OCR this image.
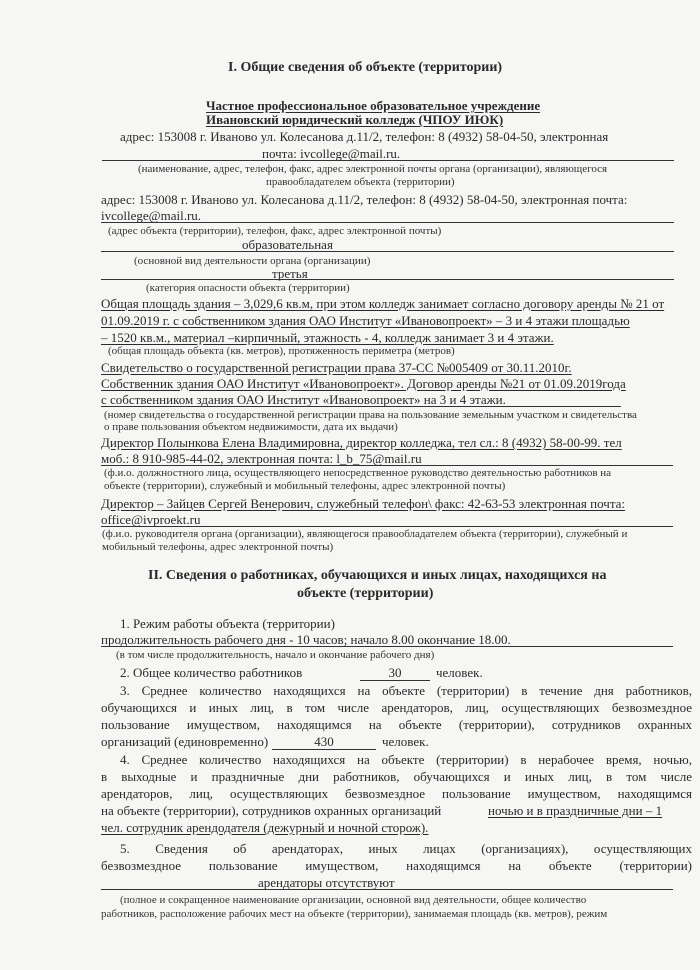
I. Общие сведения об объекте (территории)
Частное профессиональное образовательное учреждение
Ивановский юридический колледж (ЧПОУ ИЮК)
адрес: 153008 г. Иваново ул. Колесанова д.11/2, телефон: 8 (4932) 58-04-50, электронная
почта: ivcollege@mail.ru.
(наименование, адрес, телефон, факс, адрес электронной почты органа (организации), являющегося
правообладателем объекта (территории)
адрес: 153008 г. Иваново ул. Колесанова д.11/2, телефон: 8 (4932) 58-04-50, электронная почта:
ivcollege@mail.ru.
(адрес объекта (территории), телефон, факс, адрес электронной почты)
образовательная
(основной вид деятельности органа (организации)
третья
(категория опасности объекта (территории)
Общая площадь здания – 3,029,6 кв.м, при этом колледж занимает согласно договору аренды № 21 от
01.09.2019 г. с собственником здания ОАО Институт «Ивановопроект» – 3 и 4 этажи площадью
– 1520 кв.м., материал –кирпичный, этажность - 4, колледж занимает 3 и 4 этажи.
(общая площадь объекта (кв. метров), протяженность периметра (метров)
Свидетельство о государственной регистрации права 37-СС №005409 от 30.11.2010г.
Собственник здания ОАО Институт «Ивановопроект». Договор аренды №21 от 01.09.2019года
с собственником здания ОАО Институт «Ивановопроект» на 3 и 4 этажи.
(номер свидетельства о государственной регистрации права на пользование земельным участком и свидетельства
о праве пользования объектом недвижимости, дата их выдачи)
Директор Полынкова Елена Владимировна, директор колледжа, тел сл.: 8 (4932) 58-00-99. тел
моб.: 8 910-985-44-02, электронная почта: l_b_75@mail.ru
(ф.и.о. должностного лица, осуществляющего непосредственное руководство деятельностью работников на
объекте (территории), служебный и мобильный телефоны, адрес электронной почты)
Директор – Зайцев Сергей Венерович, служебный телефон\ факс: 42-63-53 электронная почта:
office@ivproekt.ru
(ф.и.о. руководителя органа (организации), являющегося правообладателем объекта (территории), служебный и
мобильный телефоны, адрес электронной почты)
II. Сведения о работниках, обучающихся и иных лицах, находящихся на
объекте (территории)
1. Режим работы объекта (территории)
продолжительность рабочего дня - 10 часов; начало 8.00 окончание 18.00.
(в том числе продолжительность, начало и окончание рабочего дня)
2. Общее количество работников	30	человек.
3. Среднее количество находящихся на объекте (территории) в течение дня работников,
обучающихся и иных лиц, в том числе арендаторов, лиц, осуществляющих безвозмездное
пользование имуществом, находящимся на объекте (территории), сотрудников охранных
организаций (единовременно)	430	человек.
4. Среднее количество находящихся на объекте (территории) в нерабочее время, ночью,
в выходные и праздничные дни работников, обучающихся и иных лиц, в том числе
арендаторов, лиц, осуществляющих безвозмездное пользование имуществом, находящимся
на объекте (территории), сотрудников охранных организаций	ночью и в праздничные дни – 1
чел. сотрудник арендодателя (дежурный и ночной сторож).
5. Сведения об арендаторах, иных лицах (организациях), осуществляющих
безвозмездное пользование имуществом, находящимся на объекте (территории)
арендаторы отсутствуют
(полное и сокращенное наименование организации, основной вид деятельности, общее количество
работников, расположение рабочих мест на объекте (территории), занимаемая площадь (кв. метров), режим
